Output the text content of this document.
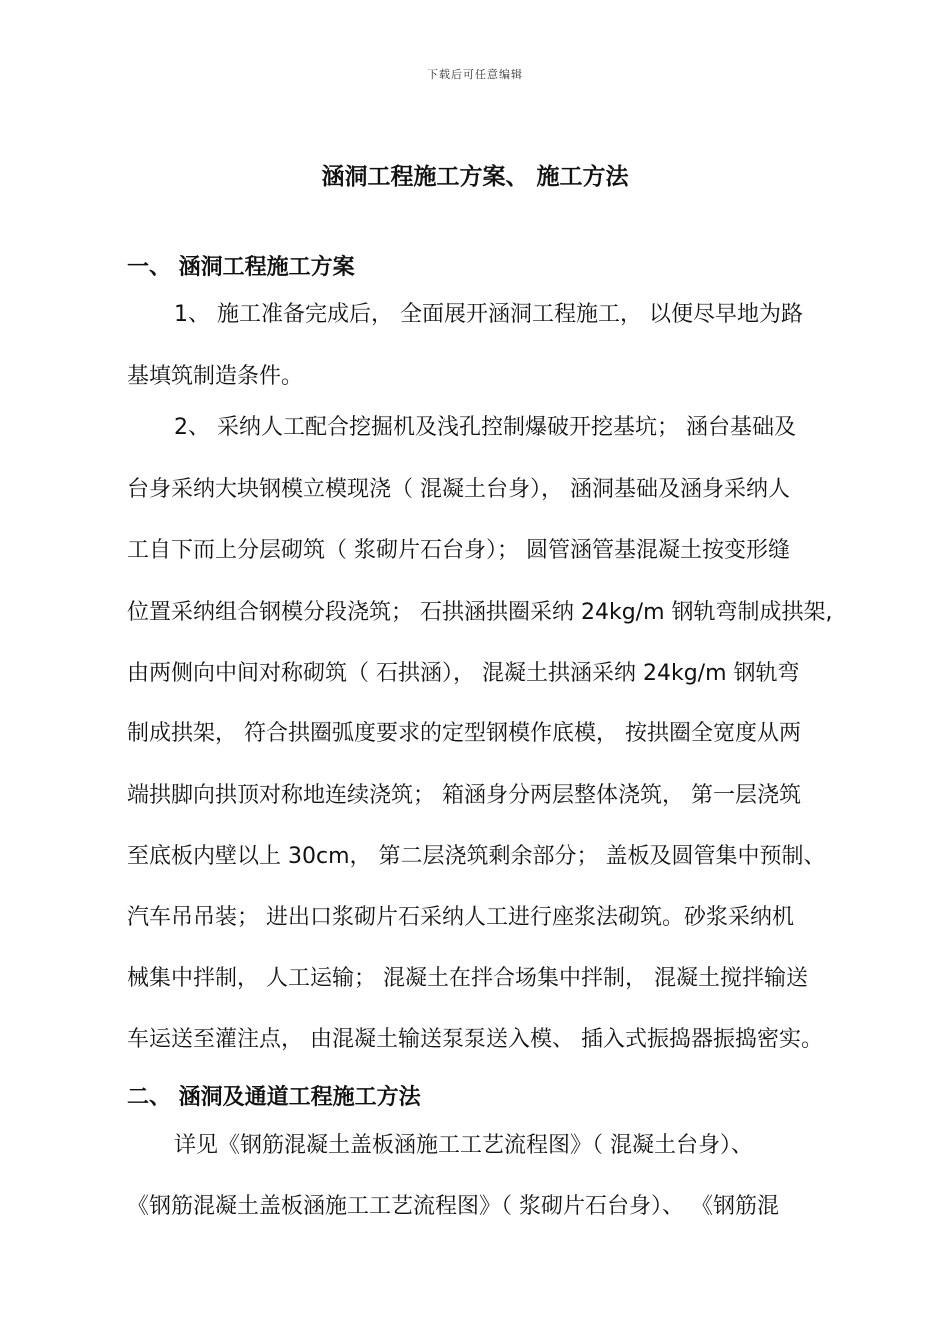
下载后可任意编辑
涵洞工程施工方案、 施工方法
一、 涵洞工程施工方案
1、 施工准备完成后， 全面展开涵洞工程施工， 以便尽早地为路
基填筑制造条件。
2、 采纳人工配合挖掘机及浅孔控制爆破开挖基坑； 涵台基础及
台身采纳大块钢模立模现浇（ 混凝土台身）， 涵洞基础及涵身采纳人
工自下而上分层砌筑（ 浆砌片石台身）； 圆管涵管基混凝土按变形缝
位置采纳组合钢模分段浇筑； 石拱涵拱圈采纳 24kg/m 钢轨弯制成拱架,
由两侧向中间对称砌筑（ 石拱涵）， 混凝土拱涵采纳 24kg/m 钢轨弯
制成拱架， 符合拱圈弧度要求的定型钢模作底模， 按拱圈全宽度从两
端拱脚向拱顶对称地连续浇筑； 箱涵身分两层整体浇筑， 第一层浇筑
至底板内壁以上 30cm， 第二层浇筑剩余部分； 盖板及圆管集中预制、
汽车吊吊装； 进出口浆砌片石采纳人工进行座浆法砌筑。砂浆采纳机
械集中拌制， 人工运输； 混凝土在拌合场集中拌制， 混凝土搅拌输送
车运送至灌注点， 由混凝土输送泵泵送入模、 插入式振捣器振捣密实。
二、 涵洞及通道工程施工方法
详见《钢筋混凝土盖板涵施工工艺流程图》（ 混凝土台身）、
《钢筋混凝土盖板涵施工工艺流程图》（ 浆砌片石台身）、 《钢筋混
